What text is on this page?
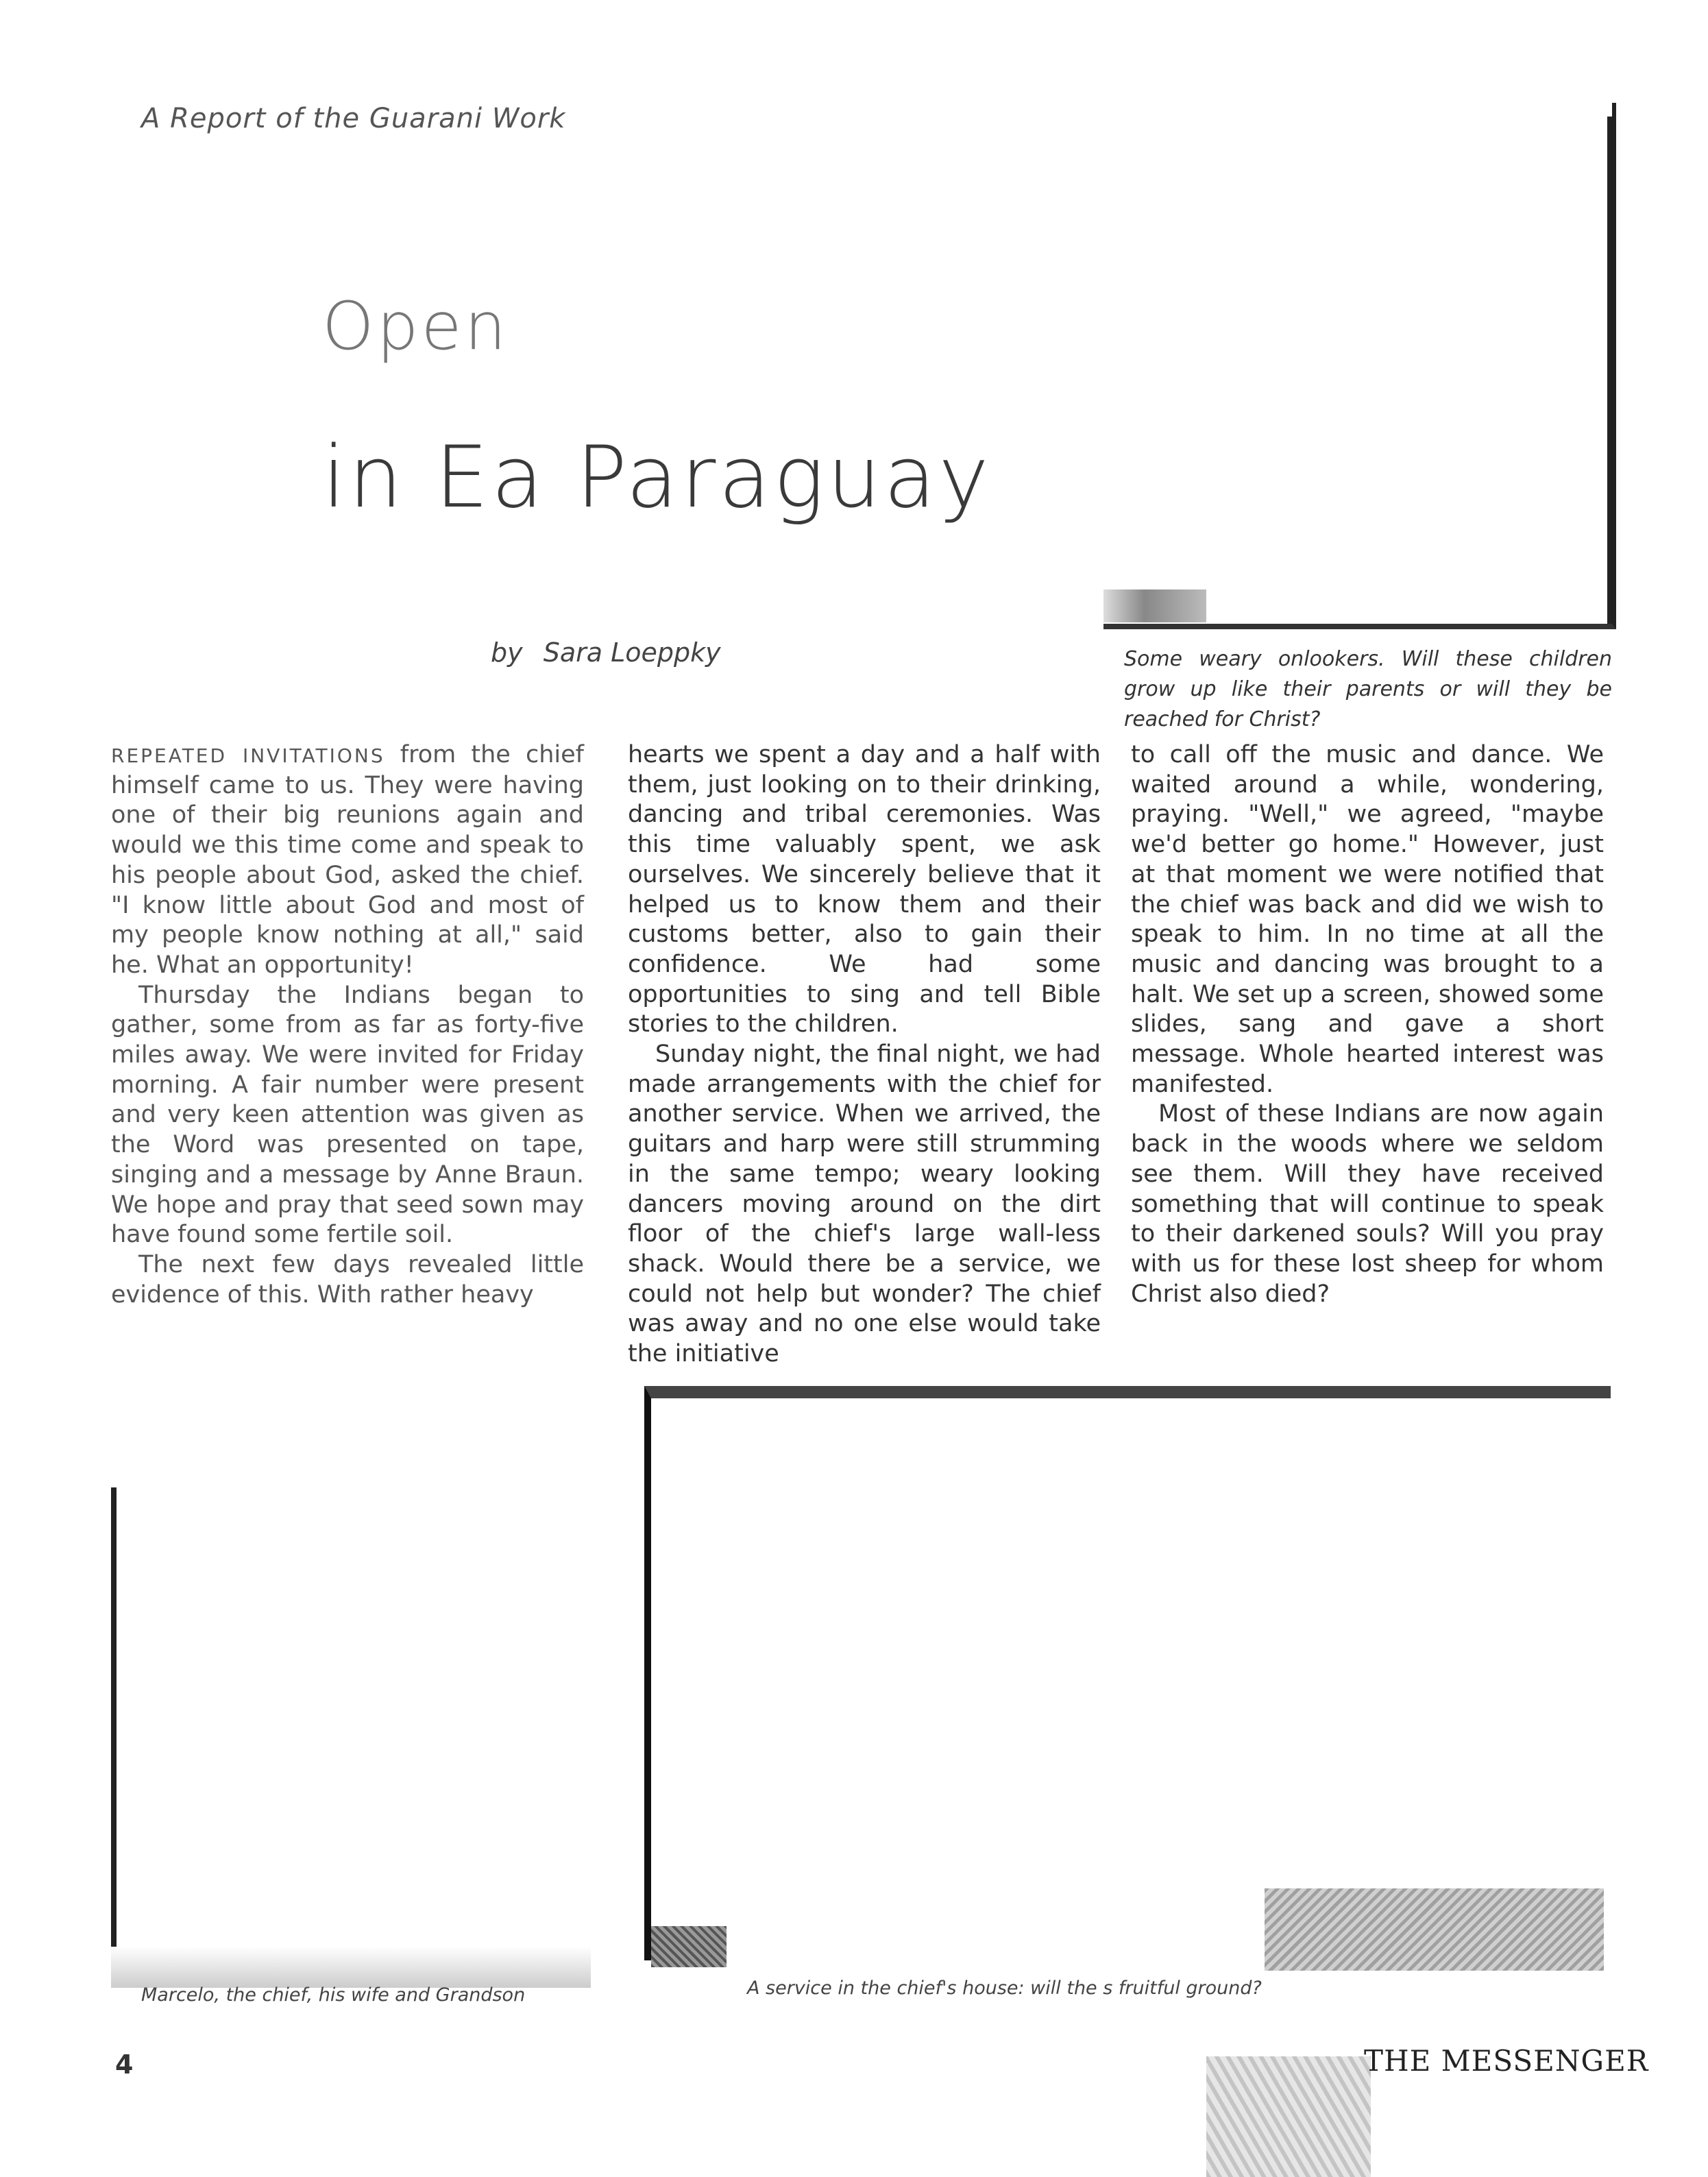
A Report of the Guarani Work
Open
in Ea Paraguay
by Sara Loeppky	Some weary onlookers. Will these children grow up like their parents or will they be reached for Christ?

REPEATED INVITATIONS from the chief himself came to us. They were having one of their big reunions again and would we this time come and speak to his people about God, asked the chief. "I know little about God and most of my people know nothing at all," said he. What an opportunity!

Thursday the Indians began to gather, some from as far as forty-five miles away. We were invited for Friday morning. A fair number were present and very keen attention was given as the Word was presented on tape, singing and a message by Anne Braun. We hope and pray that seed sown may have found some fertile soil.

The next few days revealed little evidence of this. With rather heavy

hearts we spent a day and a half with them, just looking on to their drinking, dancing and tribal ceremonies. Was this time valuably spent, we ask ourselves. We sincerely believe that it helped us to know them and their customs better, also to gain their confidence. We had some opportunities to sing and tell Bible stories to the children.

Sunday night, the final night, we had made arrangements with the chief for another service. When we arrived, the guitars and harp were still strumming in the same tempo; weary looking dancers moving around on the dirt floor of the chief's large wall-less shack. Would there be a service, we could not help but wonder? The chief was away and no one else would take the initiative

to call off the music and dance. We waited around a while, wondering, praying. "Well," we agreed, "maybe we'd better go home." However, just at that moment we were notified that the chief was back and did we wish to speak to him. In no time at all the music and dancing was brought to a halt. We set up a screen, showed some slides, sang and gave a short message. Whole hearted interest was manifested.

Most of these Indians are now again back in the woods where we seldom see them. Will they have received something that will continue to speak to their darkened souls? Will you pray with us for these lost sheep for whom Christ also died?

Marcelo, the chief, his wife and Grandson	A service in the chief's house: will the s fruitful ground?
4	THE MESSENGER
